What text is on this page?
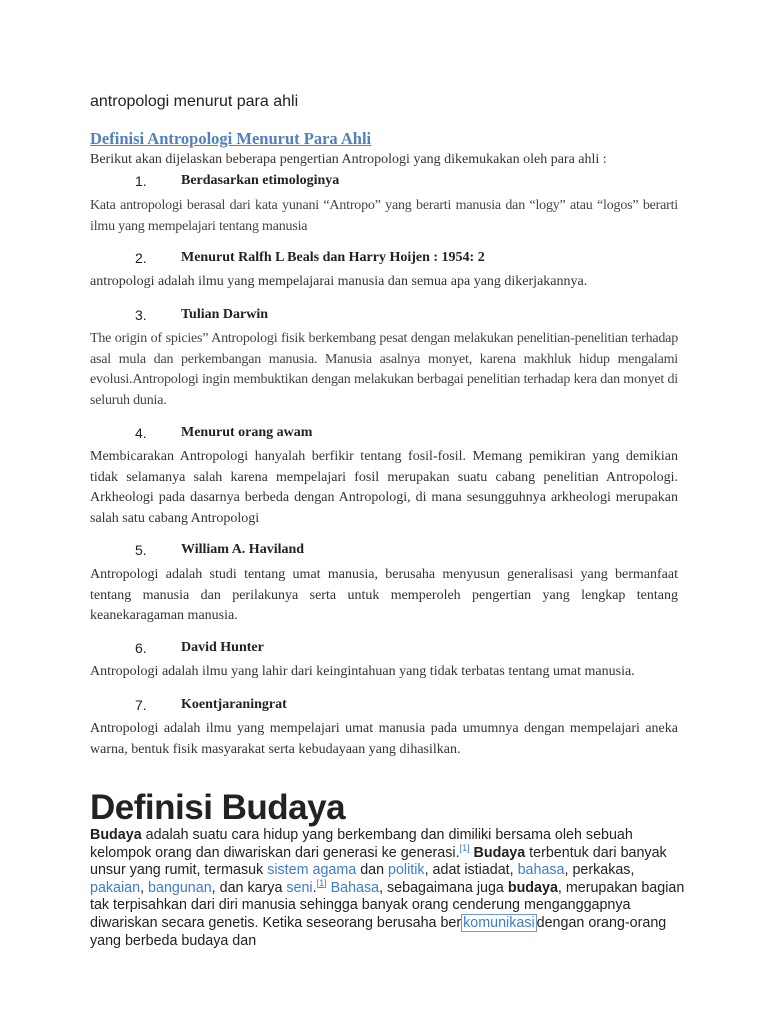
antropologi menurut para ahli
Definisi Antropologi Menurut Para Ahli
Berikut akan dijelaskan beberapa pengertian Antropologi yang dikemukakan oleh para ahli :
1. Berdasarkan etimologinya
Kata antropologi berasal dari kata yunani “Antropo” yang berarti manusia dan “logy” atau “logos” berarti ilmu yang mempelajari tentang manusia
2. Menurut Ralfh L Beals dan Harry Hoijen : 1954: 2
antropologi adalah ilmu yang mempelajarai manusia dan semua apa yang dikerjakannya.
3. Tulian Darwin
The origin of spicies” Antropologi fisik berkembang pesat dengan melakukan penelitian-penelitian terhadap asal mula dan perkembangan manusia. Manusia asalnya monyet, karena makhluk hidup mengalami evolusi.Antropologi ingin membuktikan dengan melakukan berbagai penelitian terhadap kera dan monyet di seluruh dunia.
4. Menurut orang awam
Membicarakan Antropologi hanyalah berfikir tentang fosil-fosil. Memang pemikiran yang demikian tidak selamanya salah karena mempelajari fosil merupakan suatu cabang penelitian Antropologi. Arkheologi pada dasarnya berbeda dengan Antropologi, di mana sesungguhnya arkheologi merupakan salah satu cabang Antropologi
5. William A. Haviland
Antropologi adalah studi tentang umat manusia, berusaha menyusun generalisasi yang bermanfaat tentang manusia dan perilakunya serta untuk memperoleh pengertian yang lengkap tentang keanekaragaman manusia.
6. David Hunter
Antropologi adalah ilmu yang lahir dari keingintahuan yang tidak terbatas tentang umat manusia.
7. Koentjaraningrat
Antropologi adalah ilmu yang mempelajari umat manusia pada umumnya dengan mempelajari aneka warna, bentuk fisik masyarakat serta kebudayaan yang dihasilkan.
Definisi Budaya
Budaya adalah suatu cara hidup yang berkembang dan dimiliki bersama oleh sebuah kelompok orang dan diwariskan dari generasi ke generasi.[1] Budaya terbentuk dari banyak unsur yang rumit, termasuk sistem agama dan politik, adat istiadat, bahasa, perkakas, pakaian, bangunan, dan karya seni.[1] Bahasa, sebagaimana juga budaya, merupakan bagian tak terpisahkan dari diri manusia sehingga banyak orang cenderung menganggapnya diwariskan secara genetis. Ketika seseorang berusaha ber komunikasi dengan orang-orang yang berbeda budaya dan
